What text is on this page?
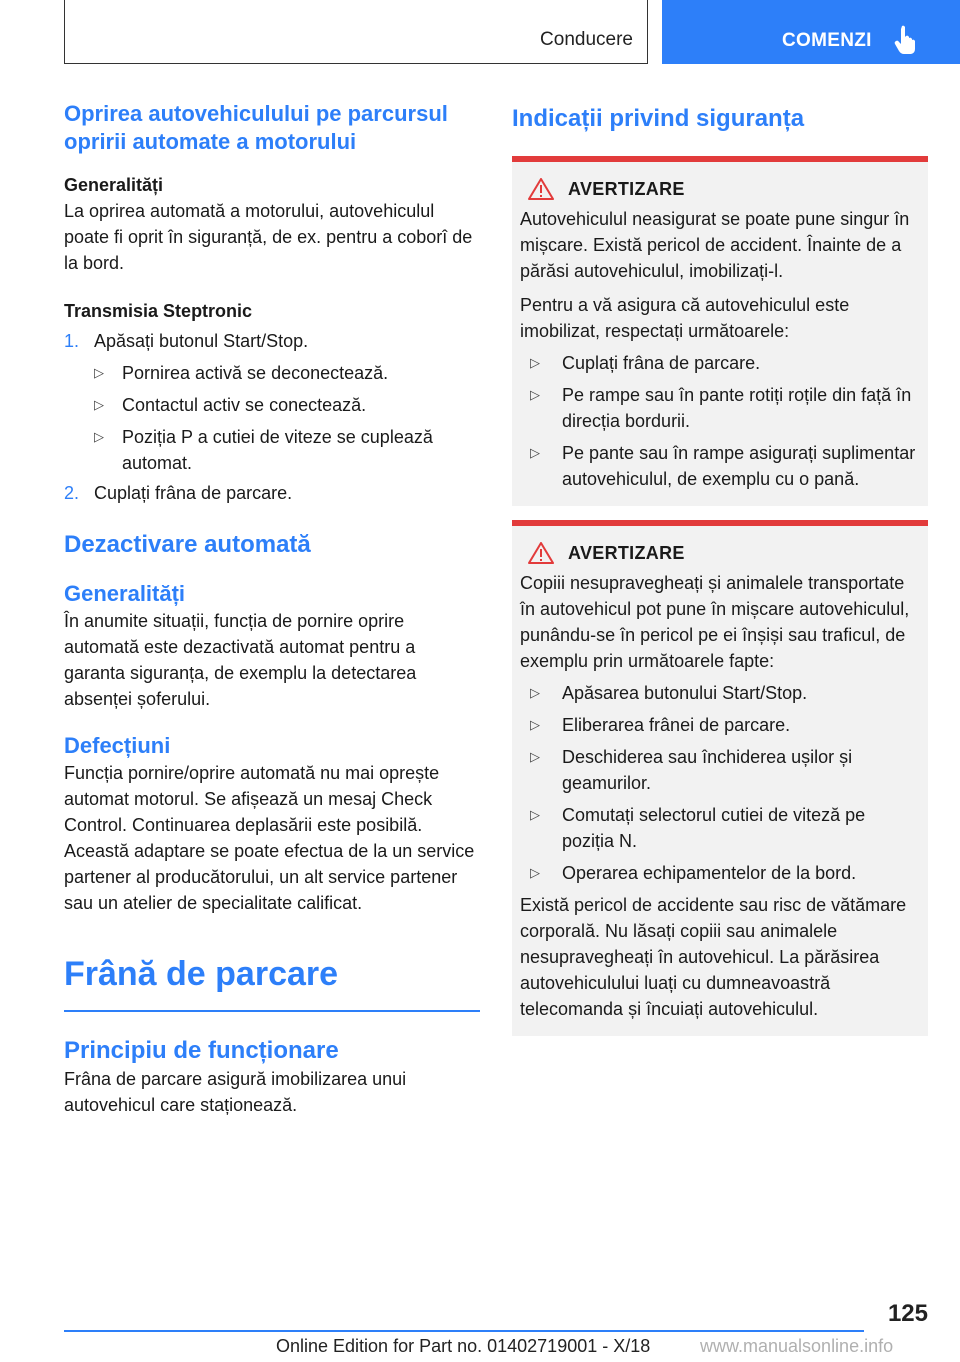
Conducere	COMENZI
Oprirea autovehiculului pe parcursul opririi automate a motorului
Generalități

La oprirea automată a motorului, autovehiculul poate fi oprit în siguranță, de ex. pentru a coborî de la bord.

Transmisia Steptronic
1. Apăsați butonul Start/Stop.
▷	Pornirea activă se deconectează.
▷	Contactul activ se conectează.
▷	Poziția P a cutiei de viteze se cuplează automat.
2. Cuplați frâna de parcare.
Dezactivare automată
Generalități

În anumite situații, funcția de pornire oprire automată este dezactivată automat pentru a garanta siguranța, de exemplu la detectarea absenței șoferului.

Defecțiuni

Funcția pornire/oprire automată nu mai oprește automat motorul. Se afișează un mesaj Check Control. Continuarea deplasării este posibilă. Această adaptare se poate efectua de la un service partener al producătorului, un alt service partener sau un atelier de specialitate calificat.

Frână de parcare
Principiu de funcționare

Frâna de parcare asigură imobilizarea unui autovehicul care staționează.

Indicații privind siguranța
AVERTIZARE

Autovehiculul neasigurat se poate pune singur în mișcare. Există pericol de accident. Înainte de a părăsi autovehiculul, imobilizați-l.

Pentru a vă asigura că autovehiculul este imobilizat, respectați următoarele:

▷	Cuplați frâna de parcare.
▷	Pe rampe sau în pante rotiți roțile din față în direcția bordurii.
▷	Pe pante sau în rampe asigurați suplimentar autovehiculul, de exemplu cu o pană.
AVERTIZARE

Copiii nesupravegheați și animalele transportate în autovehicul pot pune în mișcare autovehiculul, punându-se în pericol pe ei înșiși sau traficul, de exemplu prin următoarele fapte:

▷	Apăsarea butonului Start/Stop.
▷	Eliberarea frânei de parcare.
▷	Deschiderea sau închiderea ușilor și geamurilor.
▷	Comutați selectorul cutiei de viteză pe poziția N.
▷	Operarea echipamentelor de la bord.

Există pericol de accidente sau risc de vătămare corporală. Nu lăsați copiii sau animalele nesupravegheați în autovehicul. La părăsirea autovehiculului luați cu dumneavoastră telecomanda și încuiați autovehiculul.

125
Online Edition for Part no. 01402719001 - X/18	www.manualsonline.info
